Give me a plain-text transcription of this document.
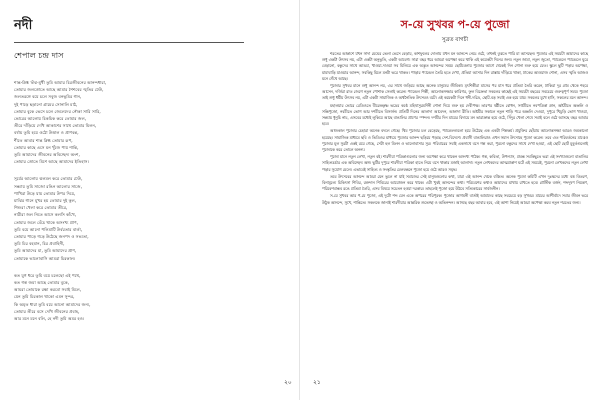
নদী
শেপাল চন্দ্র দাস
শান্ত-স্নিগ্ধ ঋঁঝ-মুখী তুমি আমার চিরজীবনের আনন্দধারা,
তোমার জলস্রোতে আছে আমার শৈশবের স্মৃতির ঢেউ,
জলতরঙ্গে বয়ে চলে সবুজ বনভূমির গান,
দুই পাড়ে ছড়ানো গ্রামের সোনালি মাঠ,
তোমার বুকে ভেসে চলে জেলেদের নৌকা সারি সারি,
ভোরের আলোয় চিকচিক করে তোমার জল,
তীরে দাঁড়িয়ে দেখি আকাশের সাথে তোমার মিলন,
বর্ষায় তুমি হয়ে ওঠো উত্তাল ও প্রাণবন্ত,
শীতে আবার শান্ত স্নিগ্ধ তোমার রূপ,
তোমার কাছে এসে মন খুঁজে পায় শান্তি,
তুমি আমাদের জীবনের অবিচ্ছেদ্য অংশ,
তোমার স্রোতে মিশে আছে আমাদের ইতিহাস।
সূর্যের আলোয় ঝলমল করে তোমার ঢেউ,
সন্ধ্যায় তুমি সাজো রঙিন আলোর সাজে,
পাখিরা উড়ে যায় তোমার উপর দিয়ে,
মাঝির গানে মুখর হয় তোমার দুই কূল,
শিশুরা খেলা করে তোমার তীরে,
নারীরা জল নিতে আসে কলসি কাঁখে,
তোমার জলে বেঁচে থাকে অসংখ্য প্রাণ,
তুমি বয়ে আনো পলিমাটি উর্বরতার বার্তা,
তোমার পাড়ে গড়ে উঠেছে জনপদ ও সভ্যতা,
তুমি চির বহমান, চির প্রবাহিনী,
তুমি আমাদের মা, তুমি আমাদের প্রাণ,
তোমাকে ভালোবাসি আমরা চিরকাল।
কত যুগ ধরে তুমি বয়ে চলেছো এই পথে,
কত গল্প জমা আছে তোমার বুকে,
আমরা তোমাকে রক্ষা করবো সবাই মিলে,
যেন তুমি চিরকাল থাকো এমন সুন্দর,
কি অমৃত ধারা তুমি বয়ে আনো আমাদের জন্য,
তোমার তীরে বসে দেখি জীবনের প্রবাহ,
আর মনে মনে বলি, হে নদী তুমি অমর হও।
স-য়ে সুখবর প-য়ে পুজো
সুব্রত বাগচী

শরতের আকাশে যখন সাদা মেঘের ভেলা ভেসে বেড়ায়, কাশফুলের দোলায় যখন মন আনন্দে নেচে ওঠে, তখনই বুঝতে পারি মা আসছেন। পুজোর এই সময়টা আমাদের কাছে শুধু একটা উৎসব নয়, এটা একটা অনুভূতি, একটা আবেগ। সারা বছর ধরে আমরা অপেক্ষা করে থাকি এই কয়েকটা দিনের জন্য। নতুন জামা, নতুন জুতো, প্যান্ডেলে প্যান্ডেলে ঘুরে বেড়ানো, বন্ধুদের সাথে আড্ডা, খাওয়া-দাওয়া সব মিলিয়ে এক অদ্ভুত আনন্দের সময়। ছোটবেলায় পুজোর আগে থেকেই দিন গোনা শুরু হয়ে যেত। স্কুলে ছুটি পড়ার অপেক্ষা, মামাবাড়ি যাওয়ার আনন্দ, সবকিছু মিলে মনটা ভরে থাকত। পাড়ার প্যান্ডেল তৈরি হতে দেখা, প্রতিমা আসার দিন রাস্তায় দাঁড়িয়ে থাকা, ঢাকের আওয়াজ শোনা, এসব স্মৃতি আজও মনে গেঁথে আছে।

পুজোর সুখবর মানে শুধু আনন্দ নয়, এর সাথে জড়িয়ে আছে অনেক মানুষের জীবিকা। মৃৎশিল্পীরা মাসের পর মাস ধরে প্রতিমা তৈরি করেন, ঢাকিরা দূর গ্রাম থেকে শহরে আসেন, দর্জিরা রাত জেগে নতুন পোশাক সেলাই করেন। প্যান্ডেল শিল্পী, আলোকসজ্জার কারিগর, ফুল বিক্রেতা সকলের কাছেই এই সময়টা বছরের সবচেয়ে গুরুত্বপূর্ণ সময়। পুজো তাই শুধু ধর্মীয় উৎসব নয়, এটা একটা সামাজিক ও অর্থনৈতিক উৎসবও বটে। এই কয়েকটা দিনে ধনী-দরিদ্র, ছোট-বড় সবাই এক হয়ে যায়। সকলের মুখে হাসি, সকলের মনে আনন্দ।

মহালয়ার ভোরে রেডিওতে বীরেন্দ্রকৃষ্ণ ভদ্রের কণ্ঠে মহিষাসুরমর্দিনী শোনা দিয়ে শুরু হয় দেবীপক্ষ। তারপর ষষ্ঠীতে বোধন, সপ্তমীতে নবপত্রিকা স্নান, অষ্টমীতে অঞ্জলি ও সন্ধিপুজো, নবমীতে ভোগ আর দশমীতে বিসর্জন। প্রতিটি দিনের আলাদা আবেদন, আলাদা রীতি। অষ্টমীর সকালে নতুন শাড়ি পরে অঞ্জলি দেওয়া, দুপুরে খিচুড়ি ভোগ খাওয়া, সন্ধ্যায় ধুনুচি নাচ, এসবের মধ্যেই লুকিয়ে আছে বাঙালির প্রাণের স্পন্দন। দশমীর দিন মায়ের বিদায়ে মন ভারাক্রান্ত হয়ে ওঠে, সিঁদুর খেলা শেষে সবাই বলে ওঠে আসছে বছর আবার হবে।

আজকাল পুজোর চেহারা অনেক বদলে গেছে। থিম পুজোর চল বেড়েছে, প্যান্ডেলগুলো হয়ে উঠেছে এক একটা শিল্পকর্ম। প্রযুক্তির ছোঁয়ায় আলোকসজ্জা আরও জমকালো হয়েছে। সামাজিক মাধ্যমে ছবি ও ভিডিওর মাধ্যমে পুজোর আনন্দ ছড়িয়ে পড়ছে দেশ-বিদেশে। প্রবাসী বাঙালিরাও এখন সমান উৎসাহে পুজো করেন। তবে এত পরিবর্তনের মাঝেও পুজোর মূল সুরটা একই রয়ে গেছে, সেটা হল মিলন ও ভালোবাসার সুর। পরিবারের সবাই একসাথে বসে গল্প করা, পুরনো বন্ধুদের সাথে দেখা হওয়া, এই ছোট ছোট মুহূর্তগুলোই পুজোকে করে তোলে অনন্য।

পুজো মানে নতুন লেখা, নতুন বই। শারদীয়া পত্রিকাগুলোর জন্য অপেক্ষা করে থাকেন অসংখ্য পাঠক। গল্প, কবিতা, উপন্যাস, প্রবন্ধ সবকিছুতে ভরা এই সংখ্যাগুলো বাঙালির সাহিত্যচর্চার এক অবিচ্ছেদ্য অঙ্গ। ছুটির দুপুরে শারদীয়া পত্রিকা হাতে নিয়ে বসে থাকার মজাই আলাদা। নতুন লেখকদের আত্মপ্রকাশ ঘটে এই সময়েই, পুরনো লেখকদের নতুন লেখা পড়ার সুযোগ মেলে। এভাবেই সাহিত্য ও সংস্কৃতির মেলবন্ধনে পুজো হয়ে ওঠে আরও সমৃদ্ধ।

তবে উৎসবের আনন্দে আমরা যেন ভুলে না যাই সমাজের সেই মানুষগুলোর কথা, যারা এই আনন্দ থেকে বঞ্চিত। অনেক পুজো কমিটি এখন দুঃস্থদের মধ্যে বস্ত্র বিতরণ, বিনামূল্যে চিকিৎসা শিবির, রক্তদান শিবিরের আয়োজন করে থাকে। এটা খুবই আনন্দের কথা। পরিবেশের কথাও আমাদের মাথায় রাখতে হবে। প্লাস্টিক বর্জন, শব্দদূষণ নিয়ন্ত্রণ, পরিবেশবান্ধব রঙে প্রতিমা তৈরি, এসব বিষয়ে সচেতন হওয়া দরকার। তাহলেই পুজো হয়ে উঠবে সত্যিকারের সার্বজনীন।

স-য়ে সুখবর আর প-য়ে পুজো, এই দুটো শব্দ যেন একে অপরের পরিপূরক। পুজোর আগমনী বার্তাই আমাদের কাছে সবচেয়ে বড় সুখবর। মায়ের আশীর্বাদে সবার জীবন ভরে উঠুক আনন্দে, সুখে, শান্তিতে। সকলকে জানাই শারদীয়ার আন্তরিক শুভেচ্ছা ও অভিনন্দন। আসছে বছর আবার হবে, এই আশা নিয়েই আমরা অপেক্ষা করব নতুন শরতের জন্য।

২০	২১
